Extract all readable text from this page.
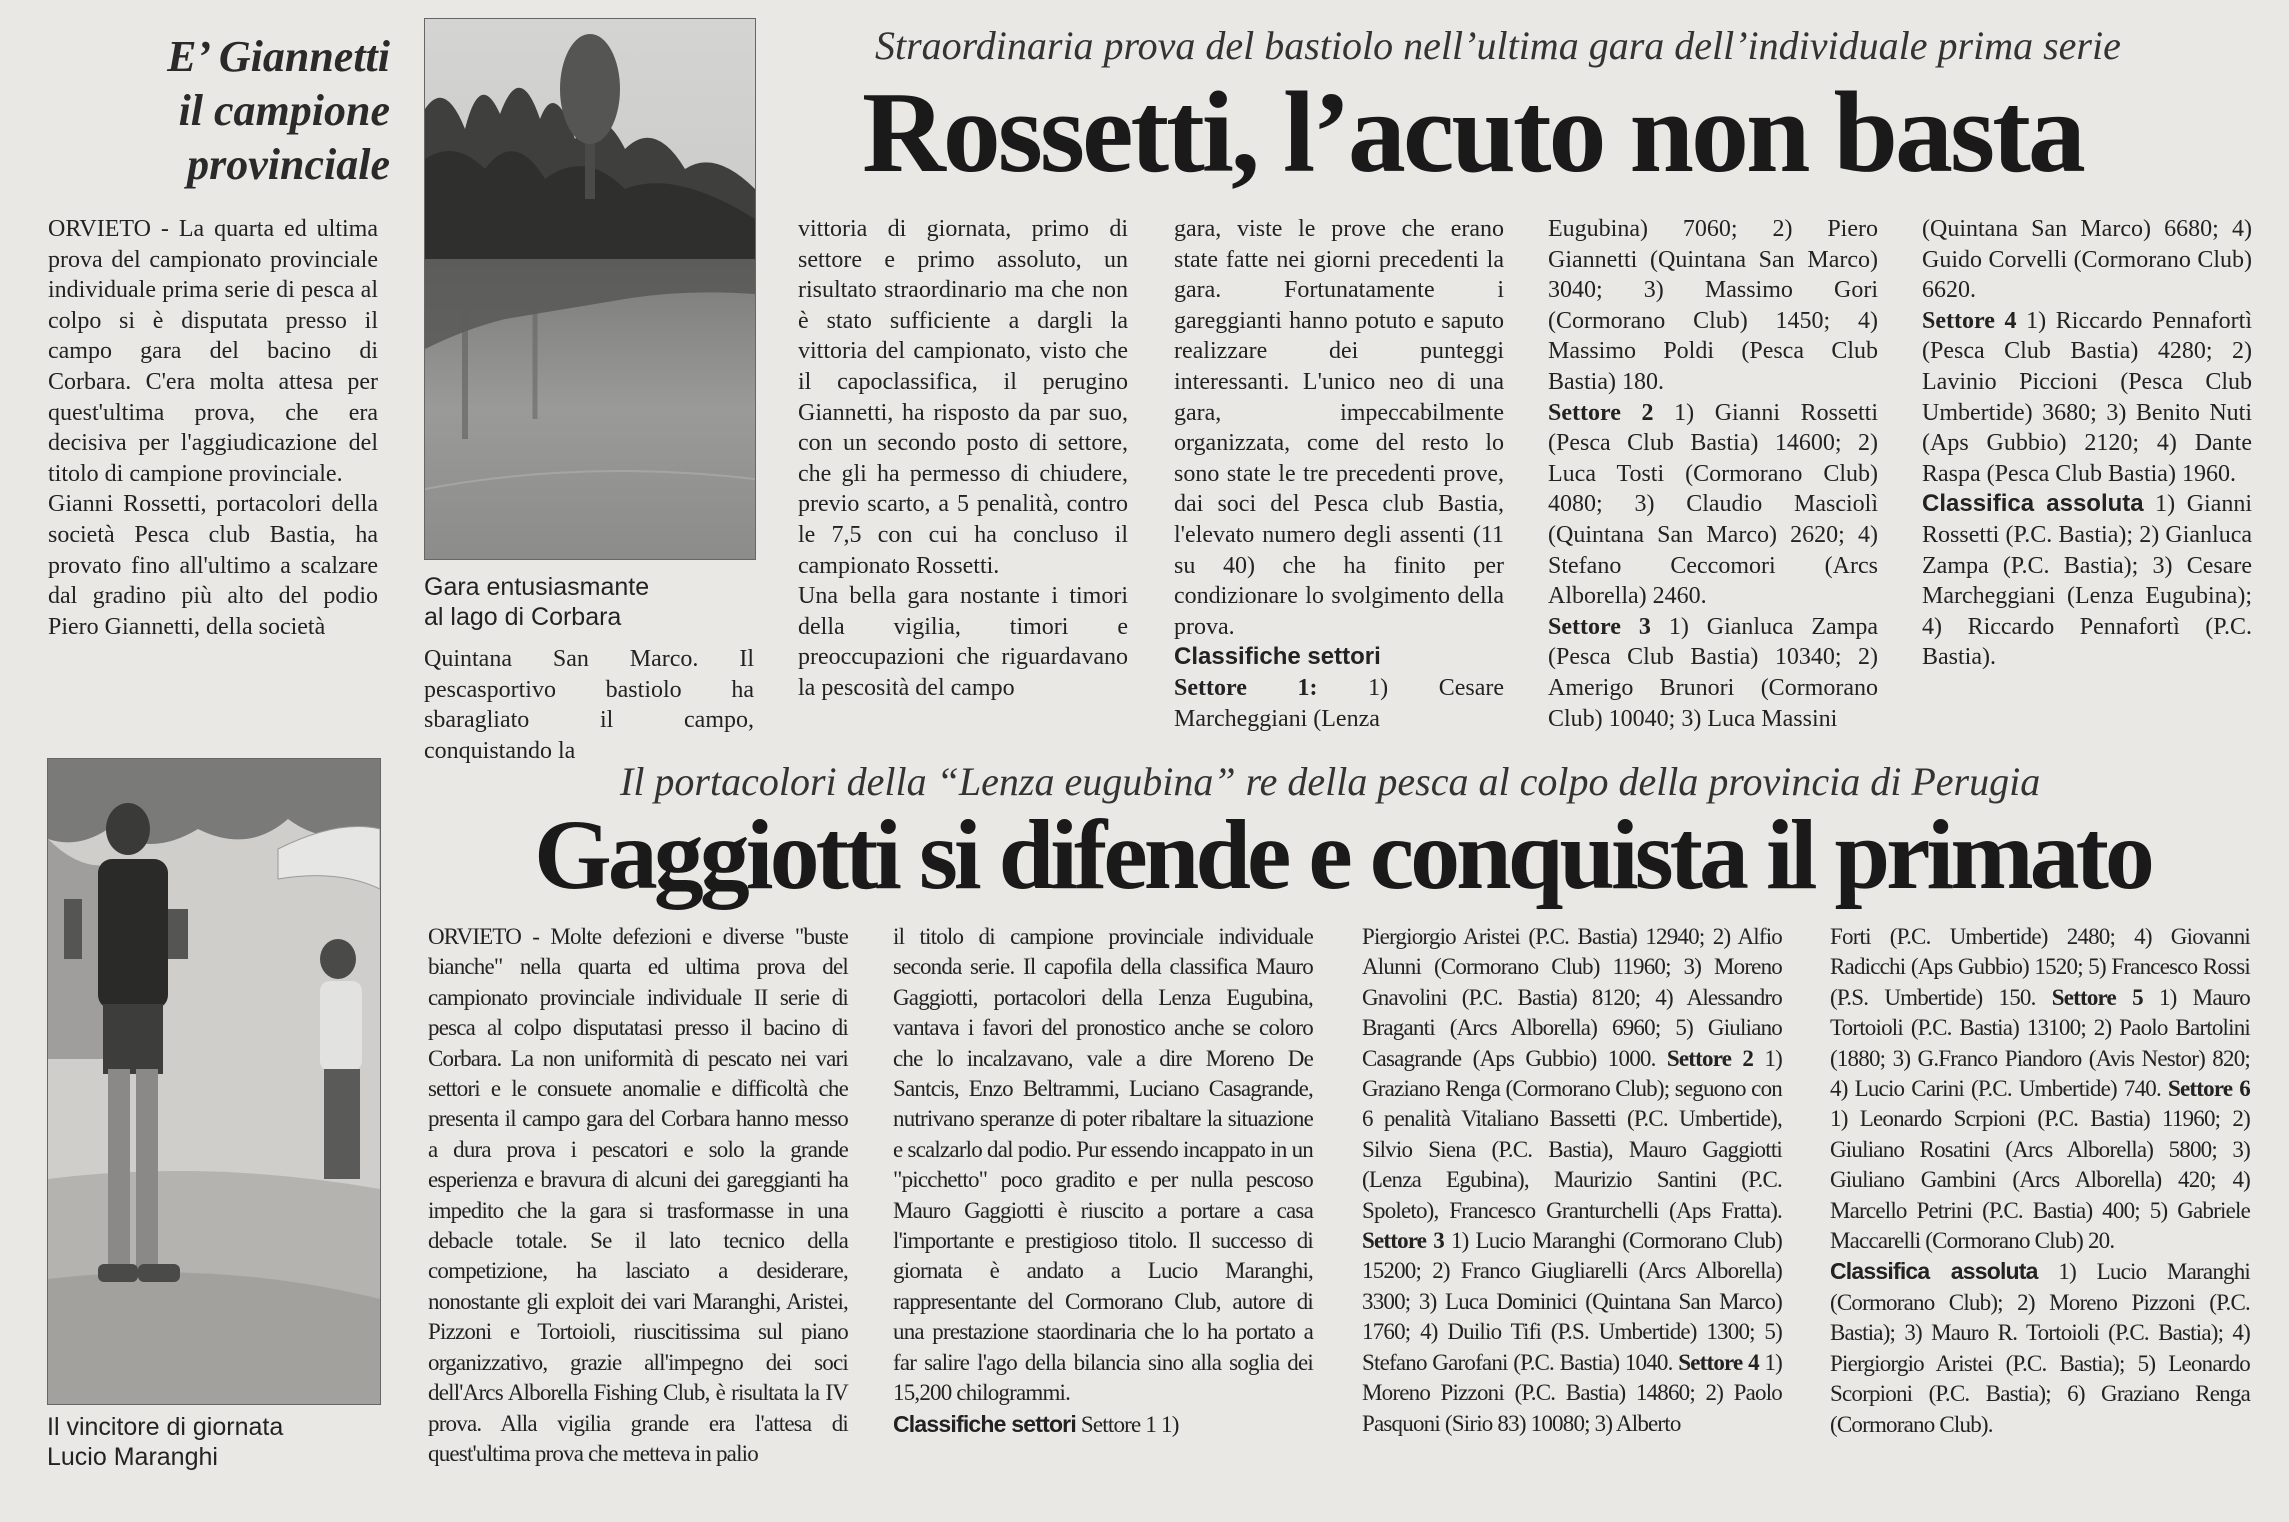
E’ Giannetti
il campione
provinciale
Straordinaria prova del bastiolo nell’ultima gara dell’individuale prima serie
Rossetti, l’acuto non basta
Gara entusiasmante
al lago di Corbara

ORVIETO - La quarta ed ultima prova del campionato provinciale individuale prima serie di pesca al colpo si è disputata presso il campo gara del bacino di Corbara. C'era molta attesa per quest'ultima prova, che era decisiva per l'aggiudicazione del titolo di campione provinciale.

Gianni Rossetti, portacolori della società Pesca club Bastia, ha provato fino all'ultimo a scalzare dal gradino più alto del podio Piero Giannetti, della società

Quintana San Marco. Il pescasportivo bastiolo ha sbaragliato il campo, conquistando la

vittoria di giornata, primo di settore e primo assoluto, un risultato straordinario ma che non è stato sufficiente a dargli la vittoria del campionato, visto che il capoclassifica, il perugino Giannetti, ha risposto da par suo, con un secondo posto di settore, che gli ha permesso di chiudere, previo scarto, a 5 penalità, contro le 7,5 con cui ha concluso il campionato Rossetti.

Una bella gara nostante i timori della vigilia, timori e preoccupazioni che riguardavano la pescosità del campo

gara, viste le prove che erano state fatte nei giorni precedenti la gara. Fortunatamente i gareggianti hanno potuto e saputo realizzare dei punteggi interessanti. L'unico neo di una gara, impeccabilmente organizzata, come del resto lo sono state le tre precedenti prove, dai soci del Pesca club Bastia, l'elevato numero degli assenti (11 su 40) che ha finito per condizionare lo svolgimento della prova.

Classifiche settori

Settore 1: 1) Cesare Marcheggiani (Lenza

Eugubina) 7060; 2) Piero Giannetti (Quintana San Marco) 3040; 3) Massimo Gori (Cormorano Club) 1450; 4) Massimo Poldi (Pesca Club Bastia) 180.

Settore 2 1) Gianni Rossetti (Pesca Club Bastia) 14600; 2) Luca Tosti (Cormorano Club) 4080; 3) Claudio Masciolì (Quintana San Marco) 2620; 4) Stefano Ceccomori (Arcs Alborella) 2460.

Settore 3 1) Gianluca Zampa (Pesca Club Bastia) 10340; 2) Amerigo Brunori (Cormorano Club) 10040; 3) Luca Massini

(Quintana San Marco) 6680; 4) Guido Corvelli (Cormorano Club) 6620.

Settore 4 1) Riccardo Pennafortì (Pesca Club Bastia) 4280; 2) Lavinio Piccioni (Pesca Club Umbertide) 3680; 3) Benito Nuti (Aps Gubbio) 2120; 4) Dante Raspa (Pesca Club Bastia) 1960.

Classifica assoluta 1) Gianni Rossetti (P.C. Bastia); 2) Gianluca Zampa (P.C. Bastia); 3) Cesare Marcheggiani (Lenza Eugubina); 4) Riccardo Pennafortì (P.C. Bastia).

Il vincitore di giornata
Lucio Maranghi
Il portacolori della “Lenza eugubina” re della pesca al colpo della provincia di Perugia
Gaggiotti si difende e conquista il primato

ORVIETO - Molte defezioni e diverse "buste bianche" nella quarta ed ultima prova del campionato provinciale individuale II serie di pesca al colpo disputatasi presso il bacino di Corbara. La non uniformità di pescato nei vari settori e le consuete anomalie e difficoltà che presenta il campo gara del Corbara hanno messo a dura prova i pescatori e solo la grande esperienza e bravura di alcuni dei gareggianti ha impedito che la gara si trasformasse in una debacle totale. Se il lato tecnico della competizione, ha lasciato a desiderare, nonostante gli exploit dei vari Maranghi, Aristei, Pizzoni e Tortoioli, riuscitissima sul piano organizzativo, grazie all'impegno dei soci dell'Arcs Alborella Fishing Club, è risultata la IV prova. Alla vigilia grande era l'attesa di quest'ultima prova che metteva in palio

il titolo di campione provinciale individuale seconda serie. Il capofila della classifica Mauro Gaggiotti, portacolori della Lenza Eugubina, vantava i favori del pronostico anche se coloro che lo incalzavano, vale a dire Moreno De Santcis, Enzo Beltrammi, Luciano Casagrande, nutrivano speranze di poter ribaltare la situazione e scalzarlo dal podio. Pur essendo incappato in un "picchetto" poco gradito e per nulla pescoso Mauro Gaggiotti è riuscito a portare a casa l'importante e prestigioso titolo. Il successo di giornata è andato a Lucio Maranghi, rappresentante del Cormorano Club, autore di una prestazione staordinaria che lo ha portato a far salire l'ago della bilancia sino alla soglia dei 15,200 chilogrammi.

Classifiche settori Settore 1 1)

Piergiorgio Aristei (P.C. Bastia) 12940; 2) Alfio Alunni (Cormorano Club) 11960; 3) Moreno Gnavolini (P.C. Bastia) 8120; 4) Alessandro Braganti (Arcs Alborella) 6960; 5) Giuliano Casagrande (Aps Gubbio) 1000. Settore 2 1) Graziano Renga (Cormorano Club); seguono con 6 penalità Vitaliano Bassetti (P.C. Umbertide), Silvio Siena (P.C. Bastia), Mauro Gaggiotti (Lenza Egubina), Maurizio Santini (P.C. Spoleto), Francesco Granturchelli (Aps Fratta). Settore 3 1) Lucio Maranghi (Cormorano Club) 15200; 2) Franco Giugliarelli (Arcs Alborella) 3300; 3) Luca Dominici (Quintana San Marco) 1760; 4) Duilio Tifi (P.S. Umbertide) 1300; 5) Stefano Garofani (P.C. Bastia) 1040. Settore 4 1) Moreno Pizzoni (P.C. Bastia) 14860; 2) Paolo Pasquoni (Sirio 83) 10080; 3) Alberto

Forti (P.C. Umbertide) 2480; 4) Giovanni Radicchi (Aps Gubbio) 1520; 5) Francesco Rossi (P.S. Umbertide) 150. Settore 5 1) Mauro Tortoioli (P.C. Bastia) 13100; 2) Paolo Bartolini (1880; 3) G.Franco Piandoro (Avis Nestor) 820; 4) Lucio Carini (P.C. Umbertide) 740. Settore 6 1) Leonardo Scrpioni (P.C. Bastia) 11960; 2) Giuliano Rosatini (Arcs Alborella) 5800; 3) Giuliano Gambini (Arcs Alborella) 420; 4) Marcello Petrini (P.C. Bastia) 400; 5) Gabriele Maccarelli (Cormorano Club) 20.

Classifica assoluta 1) Lucio Maranghi (Cormorano Club); 2) Moreno Pizzoni (P.C. Bastia); 3) Mauro R. Tortoioli (P.C. Bastia); 4) Piergiorgio Aristei (P.C. Bastia); 5) Leonardo Scorpioni (P.C. Bastia); 6) Graziano Renga (Cormorano Club).
